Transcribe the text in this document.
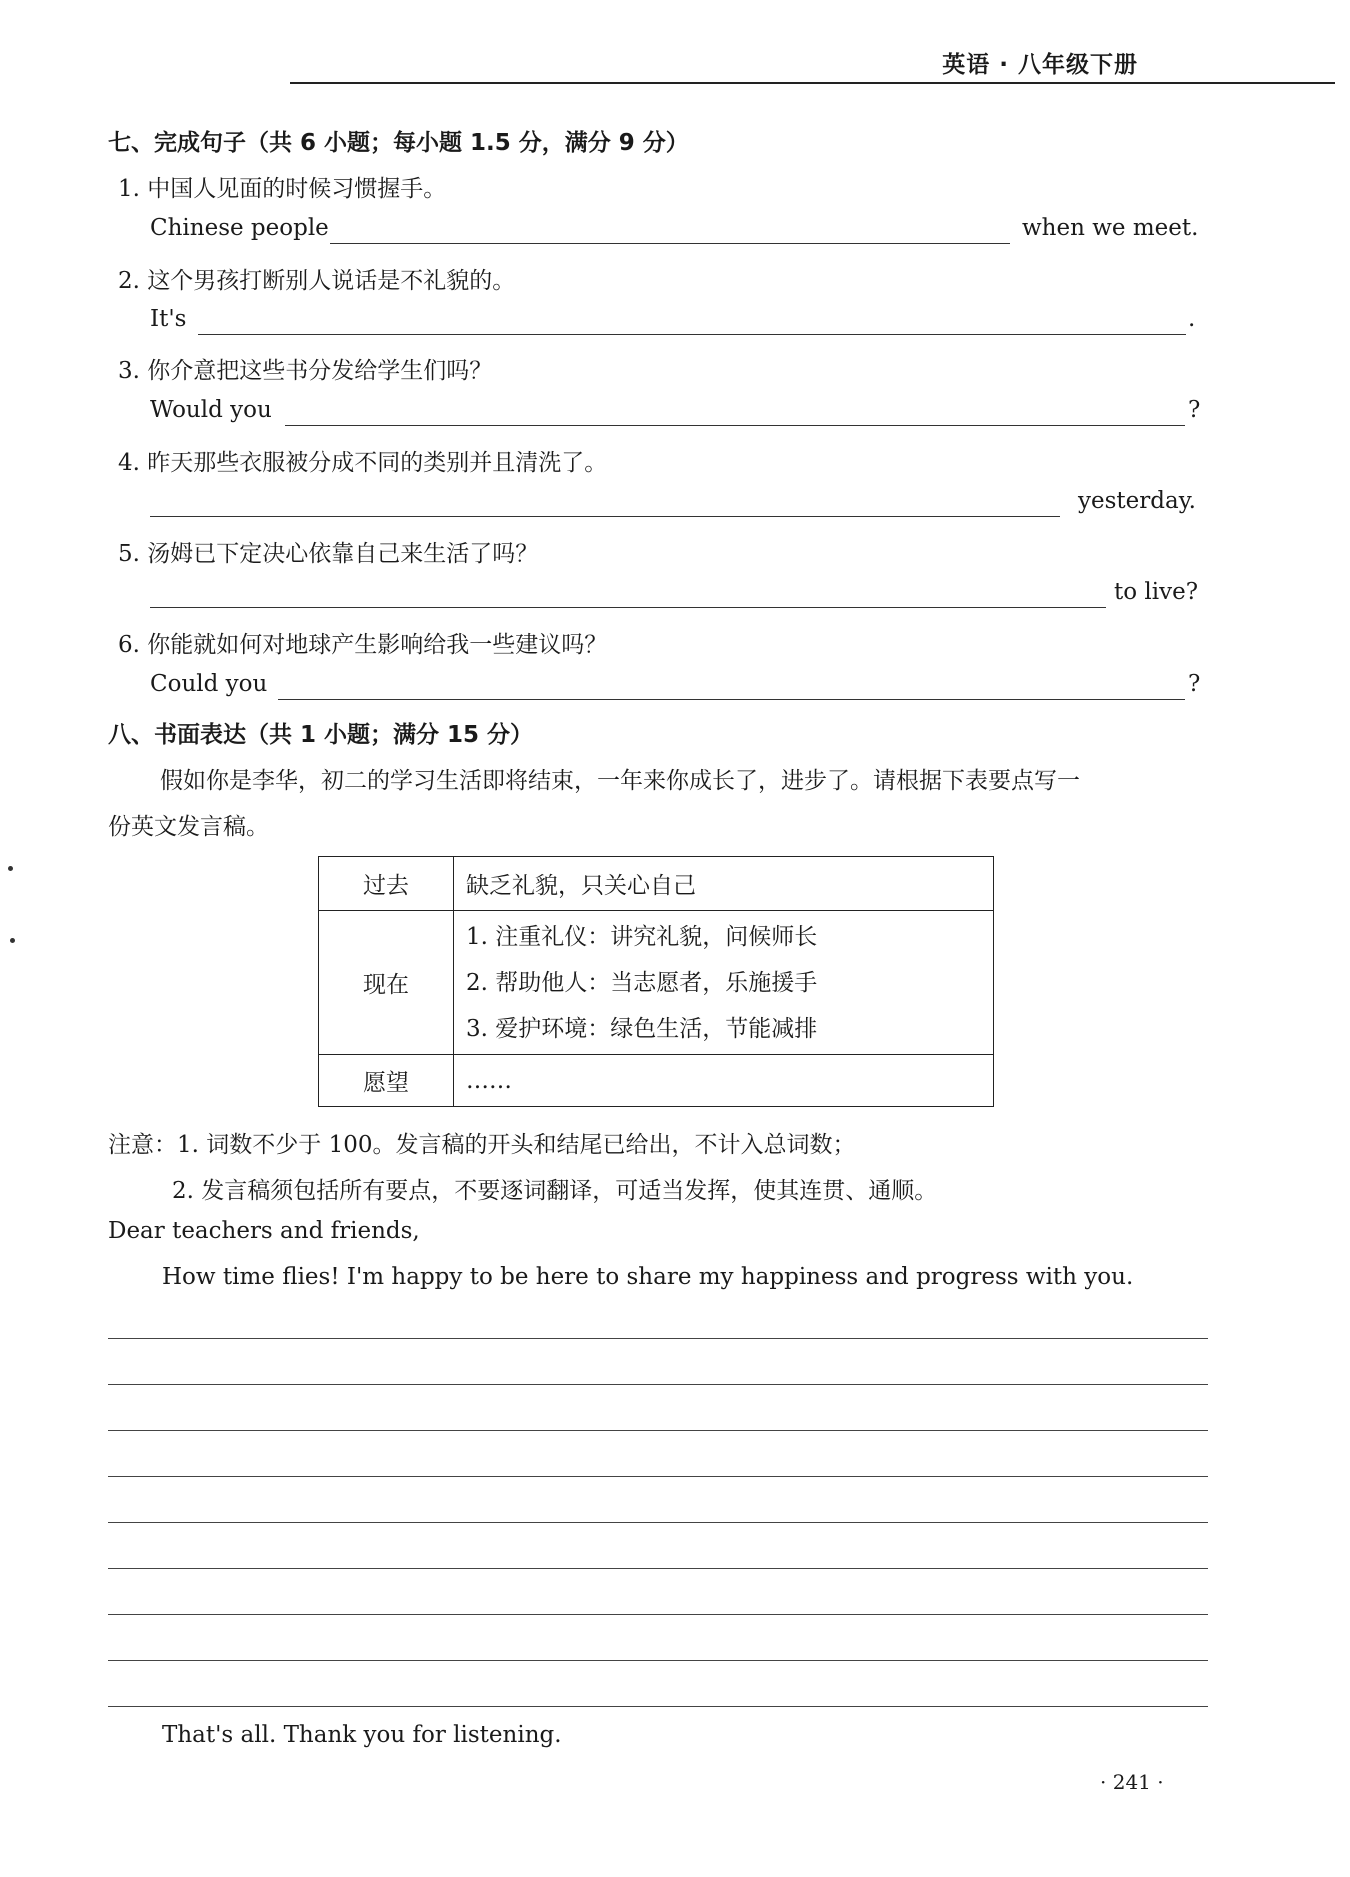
英语 · 八年级下册
七、完成句子（共 6 小题；每小题 1.5 分，满分 9 分）
1. 中国人见面的时候习惯握手。
Chinese people	when we meet.
2. 这个男孩打断别人说话是不礼貌的。
It's	.
3. 你介意把这些书分发给学生们吗？
Would you	?
4. 昨天那些衣服被分成不同的类别并且清洗了。
yesterday.
5. 汤姆已下定决心依靠自己来生活了吗？
to live?
6. 你能就如何对地球产生影响给我一些建议吗？
Could you	?
八、书面表达（共 1 小题；满分 15 分）
假如你是李华，初二的学习生活即将结束，一年来你成长了，进步了。请根据下表要点写一
份英文发言稿。
过去	缺乏礼貌，只关心自己
现在	1. 注重礼仪：讲究礼貌，问候师长
2. 帮助他人：当志愿者，乐施援手
3. 爱护环境：绿色生活，节能减排

愿望	……
注意：1. 词数不少于 100。发言稿的开头和结尾已给出，不计入总词数；
2. 发言稿须包括所有要点，不要逐词翻译，可适当发挥，使其连贯、通顺。
Dear teachers and friends,
How time flies! I'm happy to be here to share my happiness and progress with you.
That's all. Thank you for listening.
· 241 ·
